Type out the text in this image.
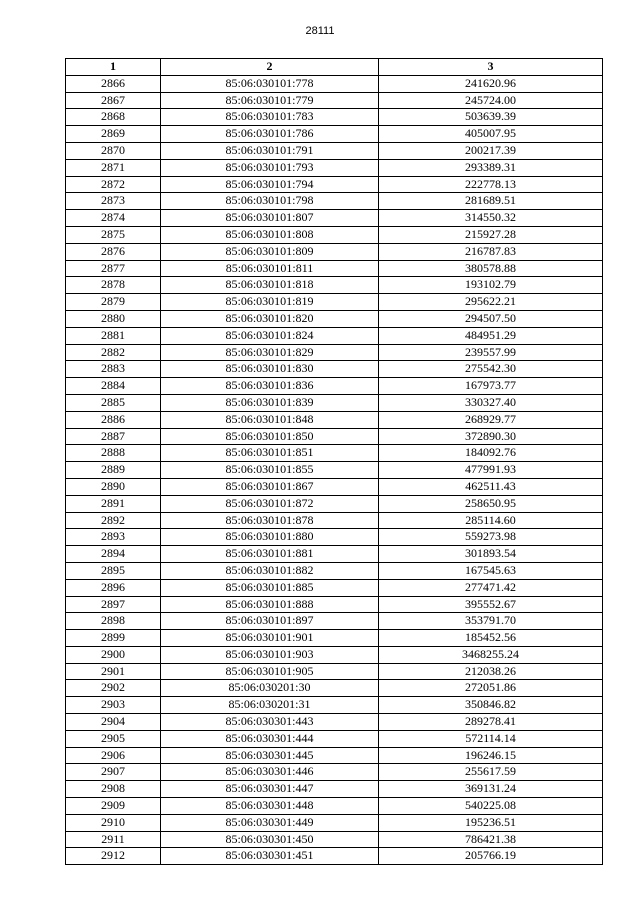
28111
1	2	3
2866	85:06:030101:778	241620.96
2867	85:06:030101:779	245724.00
2868	85:06:030101:783	503639.39
2869	85:06:030101:786	405007.95
2870	85:06:030101:791	200217.39
2871	85:06:030101:793	293389.31
2872	85:06:030101:794	222778.13
2873	85:06:030101:798	281689.51
2874	85:06:030101:807	314550.32
2875	85:06:030101:808	215927.28
2876	85:06:030101:809	216787.83
2877	85:06:030101:811	380578.88
2878	85:06:030101:818	193102.79
2879	85:06:030101:819	295622.21
2880	85:06:030101:820	294507.50
2881	85:06:030101:824	484951.29
2882	85:06:030101:829	239557.99
2883	85:06:030101:830	275542.30
2884	85:06:030101:836	167973.77
2885	85:06:030101:839	330327.40
2886	85:06:030101:848	268929.77
2887	85:06:030101:850	372890.30
2888	85:06:030101:851	184092.76
2889	85:06:030101:855	477991.93
2890	85:06:030101:867	462511.43
2891	85:06:030101:872	258650.95
2892	85:06:030101:878	285114.60
2893	85:06:030101:880	559273.98
2894	85:06:030101:881	301893.54
2895	85:06:030101:882	167545.63
2896	85:06:030101:885	277471.42
2897	85:06:030101:888	395552.67
2898	85:06:030101:897	353791.70
2899	85:06:030101:901	185452.56
2900	85:06:030101:903	3468255.24
2901	85:06:030101:905	212038.26
2902	85:06:030201:30	272051.86
2903	85:06:030201:31	350846.82
2904	85:06:030301:443	289278.41
2905	85:06:030301:444	572114.14
2906	85:06:030301:445	196246.15
2907	85:06:030301:446	255617.59
2908	85:06:030301:447	369131.24
2909	85:06:030301:448	540225.08
2910	85:06:030301:449	195236.51
2911	85:06:030301:450	786421.38
2912	85:06:030301:451	205766.19
